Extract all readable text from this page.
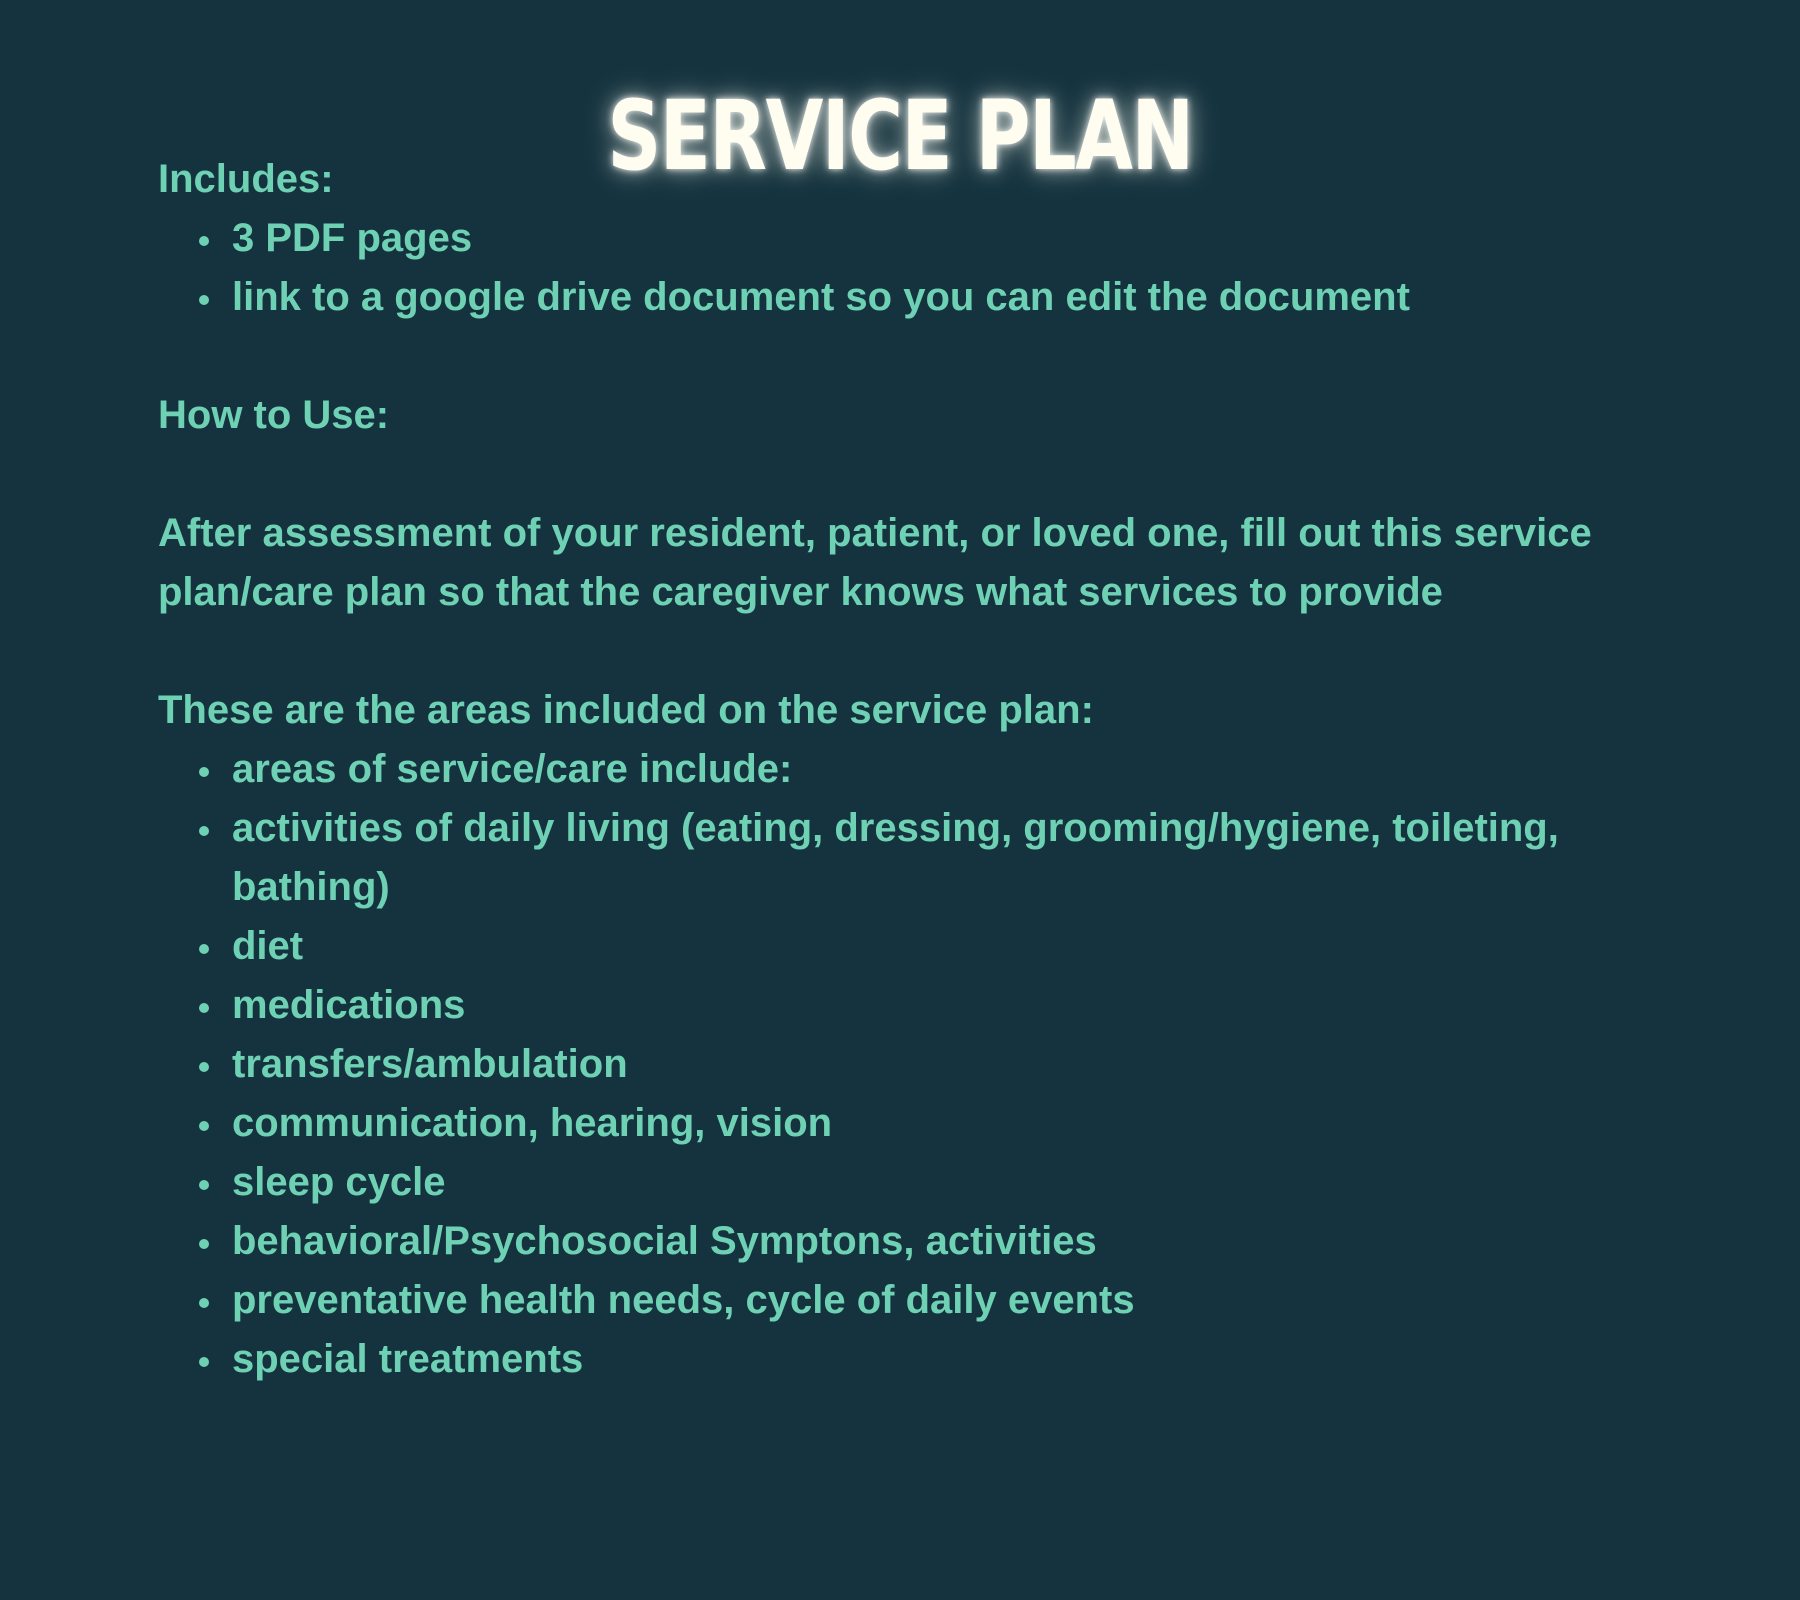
SERVICE PLAN

Includes:

3 PDF pages
link to a google drive document so you can edit the document

How to Use:

After assessment of your resident, patient, or loved one, fill out this service plan/care plan so that the caregiver knows what services to provide

These are the areas included on the service plan:

areas of service/care include:
activities of daily living (eating, dressing, grooming/hygiene, toileting, bathing)
diet
medications
transfers/ambulation
communication, hearing, vision
sleep cycle
behavioral/Psychosocial Symptons, activities
preventative health needs, cycle of daily events
special treatments
